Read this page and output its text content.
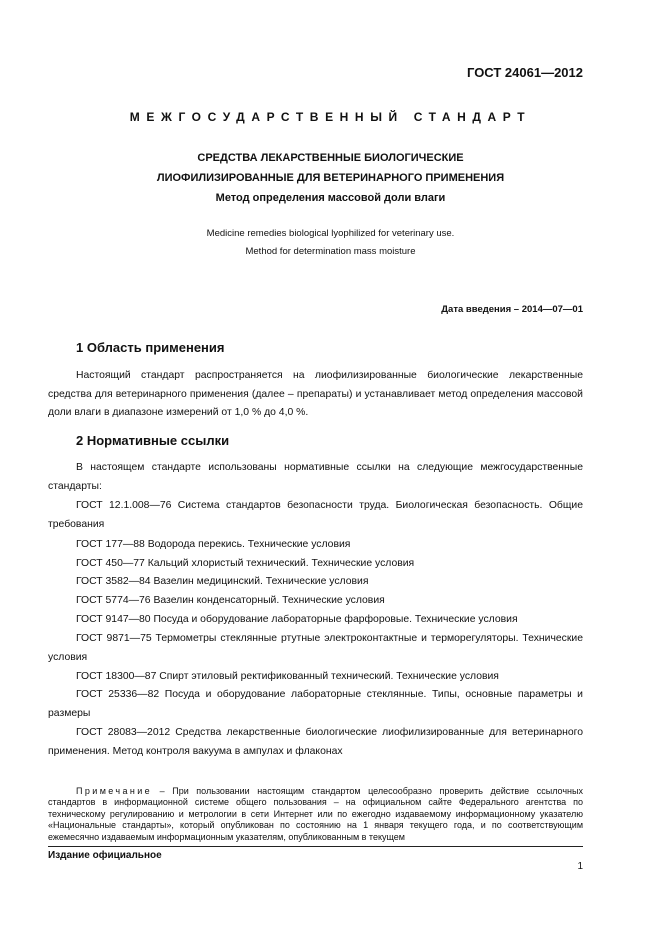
ГОСТ 24061—2012
МЕЖГОСУДАРСТВЕННЫЙ СТАНДАРТ
СРЕДСТВА ЛЕКАРСТВЕННЫЕ БИОЛОГИЧЕСКИЕ
ЛИОФИЛИЗИРОВАННЫЕ ДЛЯ ВЕТЕРИНАРНОГО ПРИМЕНЕНИЯ
Метод определения массовой доли влаги
Medicine remedies biological lyophilized for veterinary use.
Method for determination mass moisture
Дата введения – 2014—07—01
1 Область применения
Настоящий стандарт распространяется на лиофилизированные биологические лекарственные средства для ветеринарного применения (далее – препараты) и устанавливает метод определения массовой доли влаги в диапазоне измерений от 1,0 % до 4,0 %.
2 Нормативные ссылки
В настоящем стандарте использованы нормативные ссылки на следующие межгосударственные стандарты:
ГОСТ 12.1.008—76 Система стандартов безопасности труда. Биологическая безопасность. Общие требования
ГОСТ 177—88 Водорода перекись. Технические условия
ГОСТ 450—77 Кальций хлористый технический. Технические условия
ГОСТ 3582—84 Вазелин медицинский. Технические условия
ГОСТ 5774—76 Вазелин конденсаторный. Технические условия
ГОСТ 9147—80 Посуда и оборудование лабораторные фарфоровые. Технические условия
ГОСТ 9871—75 Термометры стеклянные ртутные электроконтактные и терморегуляторы. Технические условия
ГОСТ 18300—87 Спирт этиловый ректификованный технический. Технические условия
ГОСТ 25336—82 Посуда и оборудование лабораторные стеклянные. Типы, основные параметры и размеры
ГОСТ 28083—2012 Средства лекарственные биологические лиофилизированные для ветеринарного применения. Метод контроля вакуума в ампулах и флаконах
Примечание – При пользовании настоящим стандартом целесообразно проверить действие ссылочных стандартов в информационной системе общего пользования – на официальном сайте Федерального агентства по техническому регулированию и метрологии в сети Интернет или по ежегодно издаваемому информационному указателю «Национальные стандарты», который опубликован по состоянию на 1 января текущего года, и по соответствующим ежемесячно издаваемым информационным указателям, опубликованным в текущем
Издание официальное
1
